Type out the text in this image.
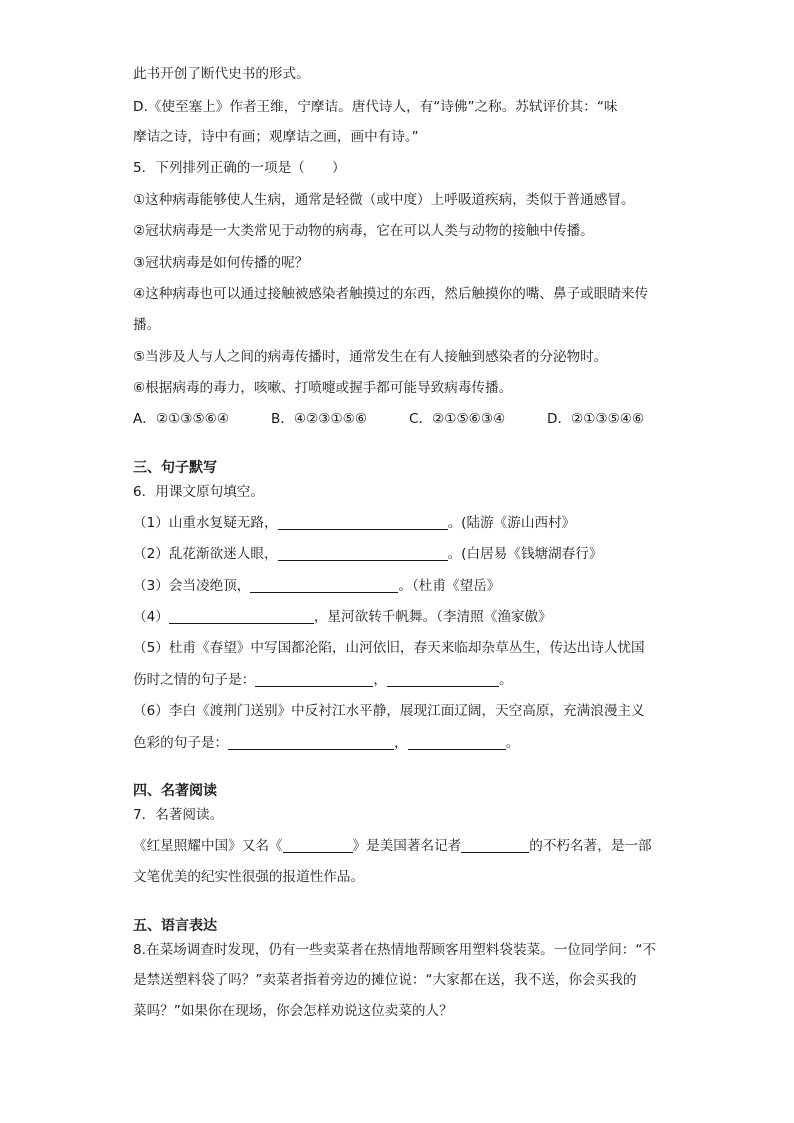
此书开创了断代史书的形式。
D.《使至塞上》作者王维，宁摩诘。唐代诗人，有“诗佛”之称。苏轼评价其：“味
摩诘之诗，诗中有画；观摩诘之画，画中有诗。”
5．下列排列正确的一项是（　　）
①这种病毒能够使人生病，通常是轻微（或中度）上呼吸道疾病，类似于普通感冒。
②冠状病毒是一大类常见于动物的病毒，它在可以人类与动物的接触中传播。
③冠状病毒是如何传播的呢？
④这种病毒也可以通过接触被感染者触摸过的东西，然后触摸你的嘴、鼻子或眼睛来传
播。
⑤当涉及人与人之间的病毒传播时，通常发生在有人接触到感染者的分泌物时。
⑥根据病毒的毒力，咳嗽、打喷嚏或握手都可能导致病毒传播。
A．②①③⑤⑥④	B．④②③①⑤⑥	C．②①⑤⑥③④	D．②①③⑤④⑥
三、句子默写
6．用课文原句填空。
（1）山重水复疑无路，	。(陆游《游山西村》
（2）乱花渐欲迷人眼，	。(白居易《钱塘湖春行》
（3）会当凌绝顶，	。（杜甫《望岳》
（4）	，星河欲转千帆舞。（李清照《渔家傲》
（5）杜甫《春望》中写国都沦陷，山河依旧，春天来临却杂草丛生，传达出诗人忧国
伤时之情的句子是：	，	。
（6）李白《渡荆门送别》中反衬江水平静，展现江面辽阔，天空高原，充满浪漫主义
色彩的句子是：	，	。
四、名著阅读
7．名著阅读。
《红星照耀中国》又名《	》是美国著名记者	的不朽名著，是一部
文笔优美的纪实性很强的报道性作品。
五、语言表达
8.在菜场调查时发现，仍有一些卖菜者在热情地帮顾客用塑料袋装菜。一位同学问：“不
是禁送塑料袋了吗？”卖菜者指着旁边的摊位说：“大家都在送，我不送，你会买我的
菜吗？”如果你在现场，你会怎样劝说这位卖菜的人？
